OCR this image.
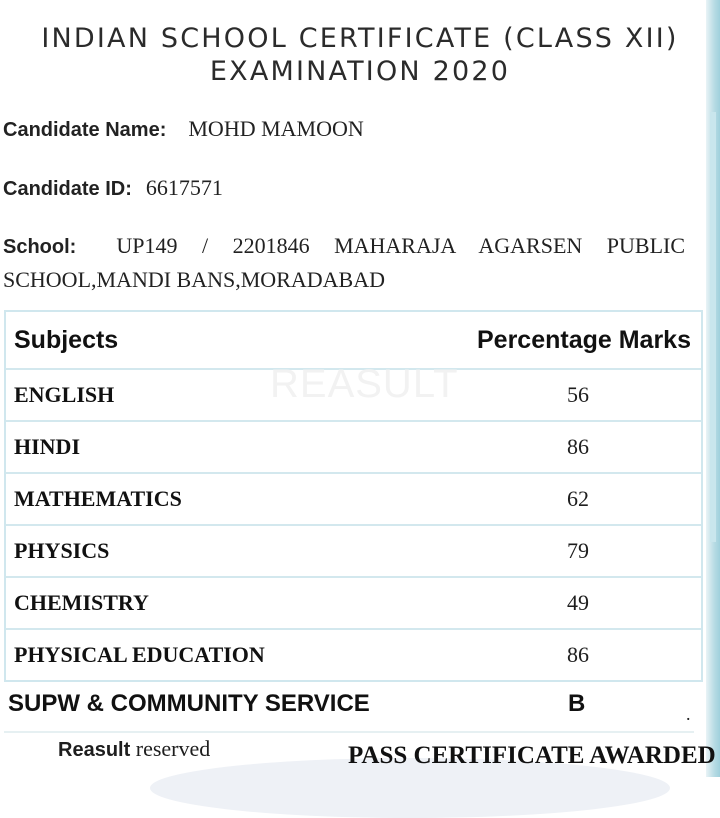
INDIAN SCHOOL CERTIFICATE (CLASS XII) EXAMINATION 2020
Candidate Name: MOHD MAMOON
Candidate ID: 6617571
School: UP149 / 2201846 MAHARAJA AGARSEN PUBLIC
SCHOOL,MANDI BANS,MORADABAD
Subjects	Percentage Marks
REASULT
ENGLISH	56
HINDI	86
MATHEMATICS	62
PHYSICS	79
CHEMISTRY	49
PHYSICAL EDUCATION	86
SUPW & COMMUNITY SERVICE	B	.
Reasult reserved	PASS CERTIFICATE AWARDED
